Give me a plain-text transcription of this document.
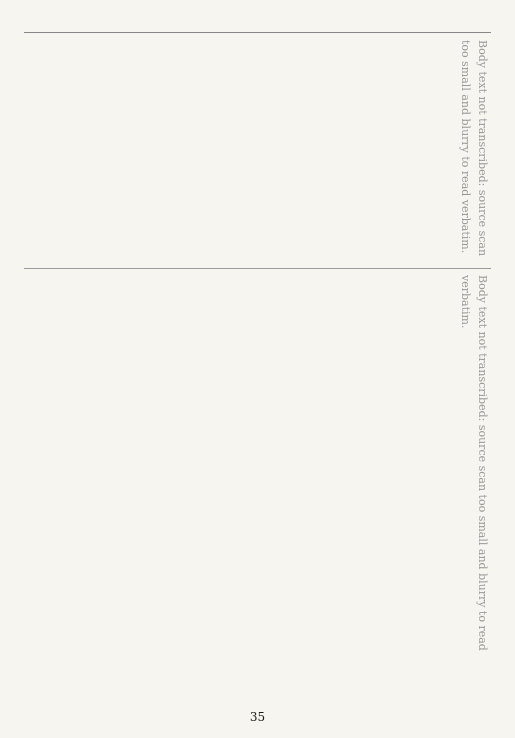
Body text not transcribed: source scan too small and blurry to read verbatim.
Body text not transcribed: source scan too small and blurry to read verbatim.
35
